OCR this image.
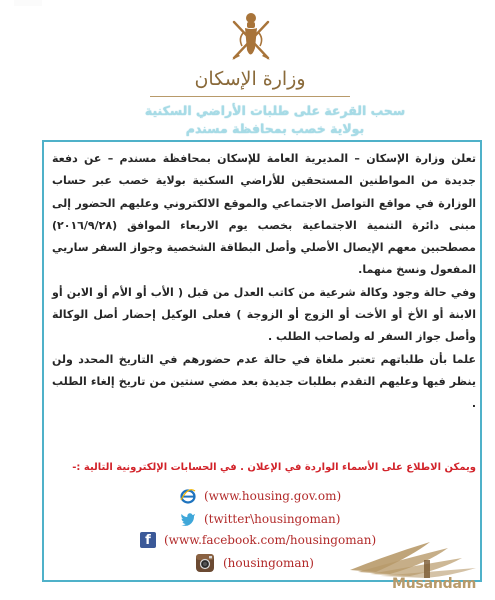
وزارة الإسكان
سحب القرعة على طلبات الأراضي السكنية
بولاية خصب بمحافظة مسندم

تعلن وزارة الإسكان – المديرية العامة للإسكان بمحافظة مسندم – عن دفعة جديدة من المواطنين المستحقين للأراضي السكنية بولاية خصب عبر حساب الوزارة في مواقع التواصل الاجتماعي والموقع الالكتروني وعليهم الحضور إلى مبنى دائرة التنمية الاجتماعية بخصب يوم الاربعاء الموافق (٢٠١٦/٩/٢٨) مصطحبين معهم الإيصال الأصلي وأصل البطاقة الشخصية وجواز السفر ساريي المفعول ونسخ منهما.

وفي حالة وجود وكالة شرعية من كاتب العدل من قبل ( الأب أو الأم أو الابن أو الابنة أو الأخ أو الأخت أو الزوج أو الزوجة ) فعلى الوكيل إحضار أصل الوكالة وأصل جواز السفر له ولصاحب الطلب .

علما بأن طلباتهم تعتبر ملغاة في حالة عدم حضورهم في التاريخ المحدد ولن ينظر فيها وعليهم التقدم بطلبات جديدة بعد مضي سنتين من تاريخ إلغاء الطلب .

ويمكن الاطلاع على الأسماء الواردة في الإعلان . في الحسابات الإلكترونية التالية :-
(www.housing.gov.om)
(twitter\housingoman)
f	(www.facebook.com/housingoman)
(housingoman)
Musandam
